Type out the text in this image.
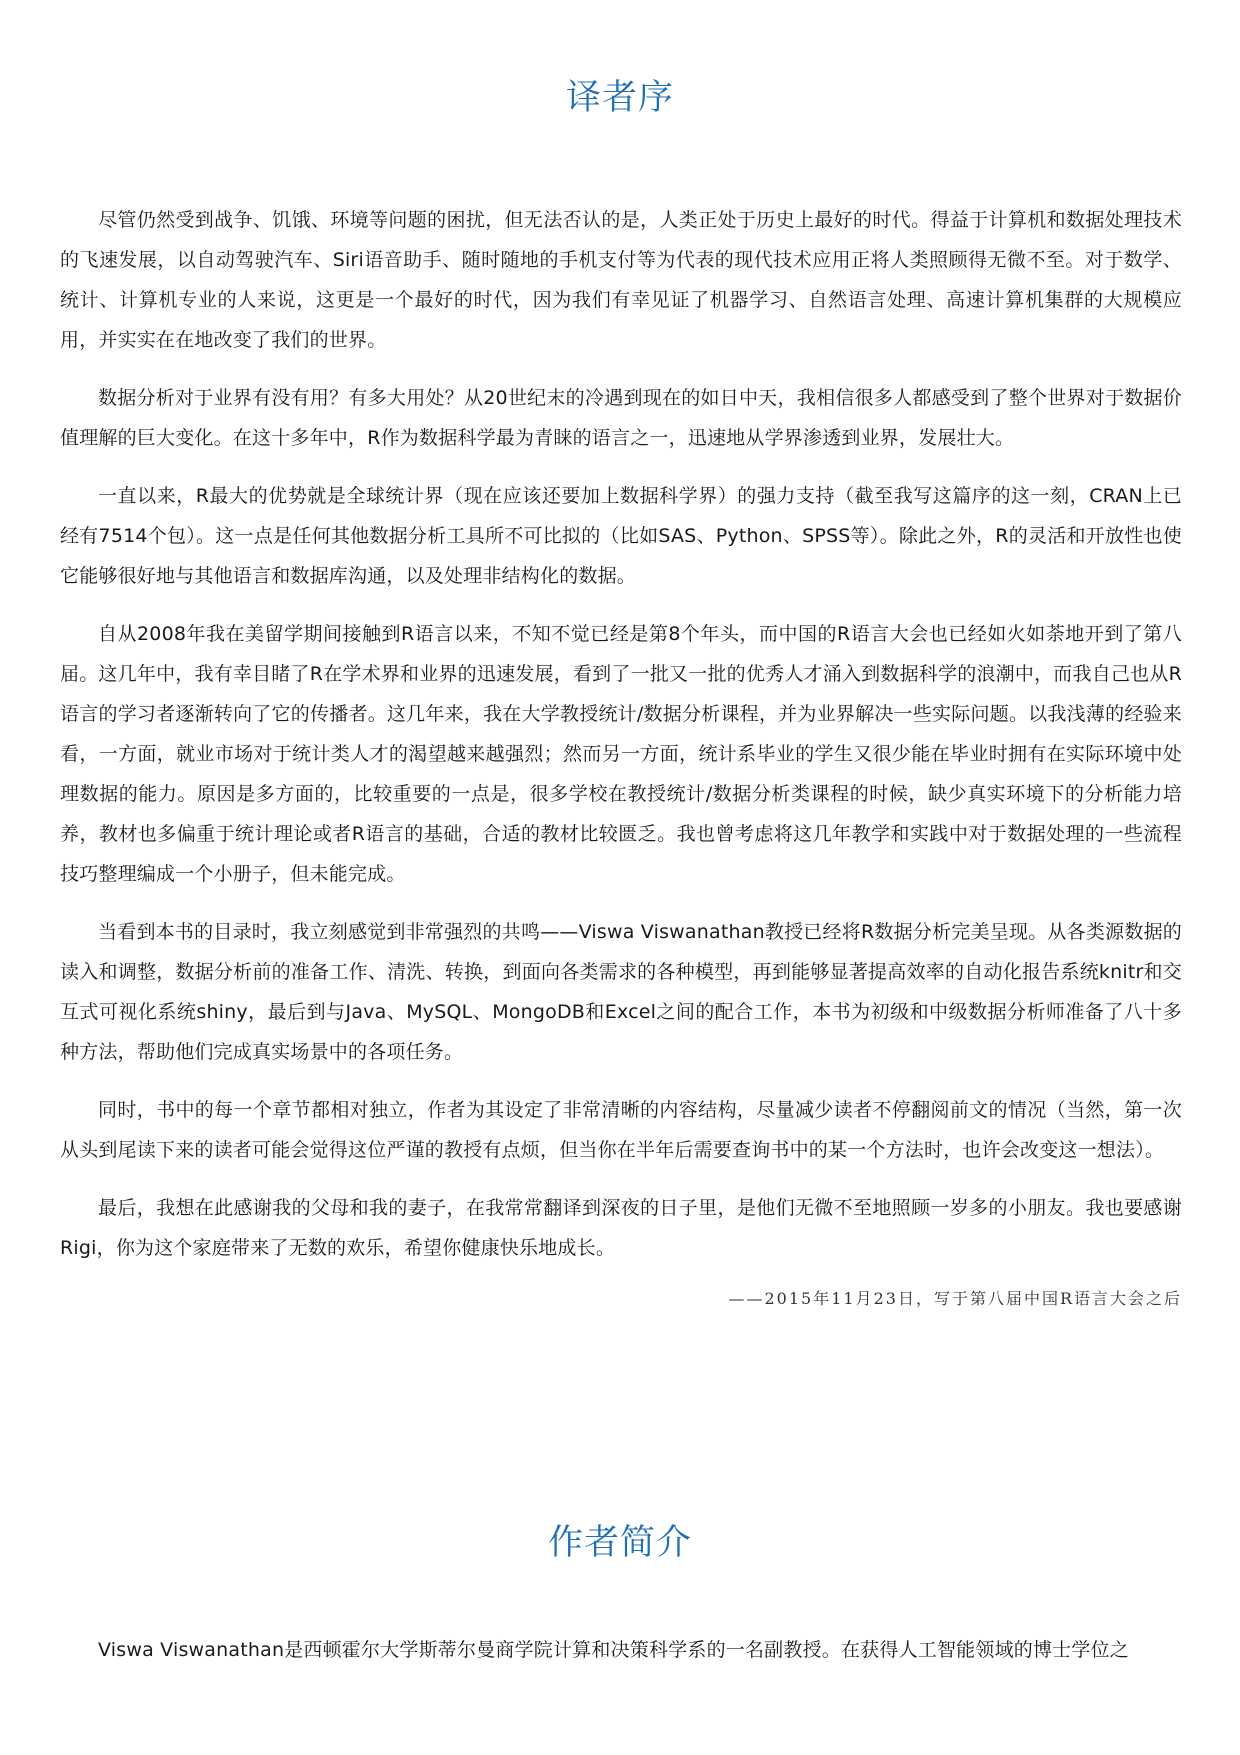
译者序

尽管仍然受到战争、饥饿、环境等问题的困扰，但无法否认的是，人类正处于历史上最好的时代。得益于计算机和数据处理技术的飞速发展，以自动驾驶汽车、Siri语音助手、随时随地的手机支付等为代表的现代技术应用正将人类照顾得无微不至。对于数学、统计、计算机专业的人来说，这更是一个最好的时代，因为我们有幸见证了机器学习、自然语言处理、高速计算机集群的大规模应用，并实实在在地改变了我们的世界。

数据分析对于业界有没有用？有多大用处？从20世纪末的冷遇到现在的如日中天，我相信很多人都感受到了整个世界对于数据价值理解的巨大变化。在这十多年中，R作为数据科学最为青睐的语言之一，迅速地从学界渗透到业界，发展壮大。

一直以来，R最大的优势就是全球统计界（现在应该还要加上数据科学界）的强力支持（截至我写这篇序的这一刻，CRAN上已经有7514个包）。这一点是任何其他数据分析工具所不可比拟的（比如SAS、Python、SPSS等）。除此之外，R的灵活和开放性也使它能够很好地与其他语言和数据库沟通，以及处理非结构化的数据。

自从2008年我在美留学期间接触到R语言以来，不知不觉已经是第8个年头，而中国的R语言大会也已经如火如荼地开到了第八届。这几年中，我有幸目睹了R在学术界和业界的迅速发展，看到了一批又一批的优秀人才涌入到数据科学的浪潮中，而我自己也从R语言的学习者逐渐转向了它的传播者。这几年来，我在大学教授统计/数据分析课程，并为业界解决一些实际问题。以我浅薄的经验来看，一方面，就业市场对于统计类人才的渴望越来越强烈；然而另一方面，统计系毕业的学生又很少能在毕业时拥有在实际环境中处理数据的能力。原因是多方面的，比较重要的一点是，很多学校在教授统计/数据分析类课程的时候，缺少真实环境下的分析能力培养，教材也多偏重于统计理论或者R语言的基础，合适的教材比较匮乏。我也曾考虑将这几年教学和实践中对于数据处理的一些流程技巧整理编成一个小册子，但未能完成。

当看到本书的目录时，我立刻感觉到非常强烈的共鸣——Viswa Viswanathan教授已经将R数据分析完美呈现。从各类源数据的读入和调整，数据分析前的准备工作、清洗、转换，到面向各类需求的各种模型，再到能够显著提高效率的自动化报告系统knitr和交互式可视化系统shiny，最后到与Java、MySQL、MongoDB和Excel之间的配合工作，本书为初级和中级数据分析师准备了八十多种方法，帮助他们完成真实场景中的各项任务。

同时，书中的每一个章节都相对独立，作者为其设定了非常清晰的内容结构，尽量减少读者不停翻阅前文的情况（当然，第一次从头到尾读下来的读者可能会觉得这位严谨的教授有点烦，但当你在半年后需要查询书中的某一个方法时，也许会改变这一想法）。

最后，我想在此感谢我的父母和我的妻子，在我常常翻译到深夜的日子里，是他们无微不至地照顾一岁多的小朋友。我也要感谢Rigi，你为这个家庭带来了无数的欢乐，希望你健康快乐地成长。

——2015年11月23日，写于第八届中国R语言大会之后

作者简介

Viswa Viswanathan是西顿霍尔大学斯蒂尔曼商学院计算和决策科学系的一名副教授。在获得人工智能领域的博士学位之
